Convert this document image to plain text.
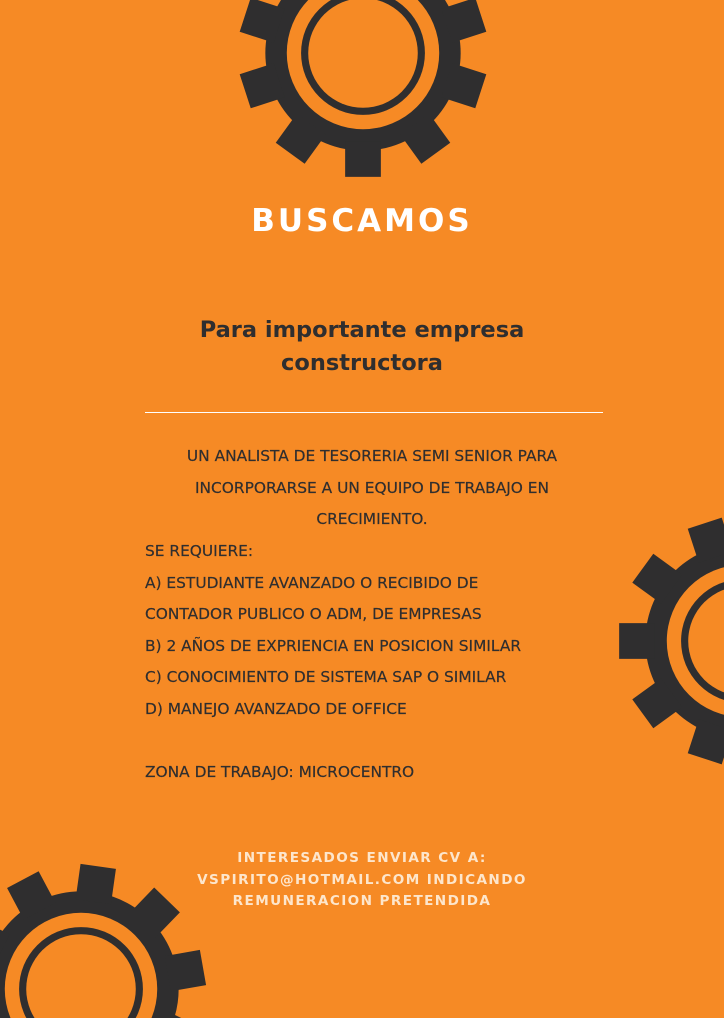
BUSCAMOS
Para importante empresa
constructora
UN ANALISTA DE TESORERIA SEMI SENIOR PARA
INCORPORARSE A UN EQUIPO DE TRABAJO EN
CRECIMIENTO.
SE REQUIERE:
A) ESTUDIANTE AVANZADO O RECIBIDO DE
CONTADOR PUBLICO O ADM, DE EMPRESAS
B) 2 AÑOS DE EXPRIENCIA EN POSICION SIMILAR
C) CONOCIMIENTO DE SISTEMA SAP O SIMILAR
D) MANEJO AVANZADO DE OFFICE
ZONA DE TRABAJO: MICROCENTRO
INTERESADOS ENVIAR CV A:
VSPIRITO@HOTMAIL.COM INDICANDO
REMUNERACION PRETENDIDA
